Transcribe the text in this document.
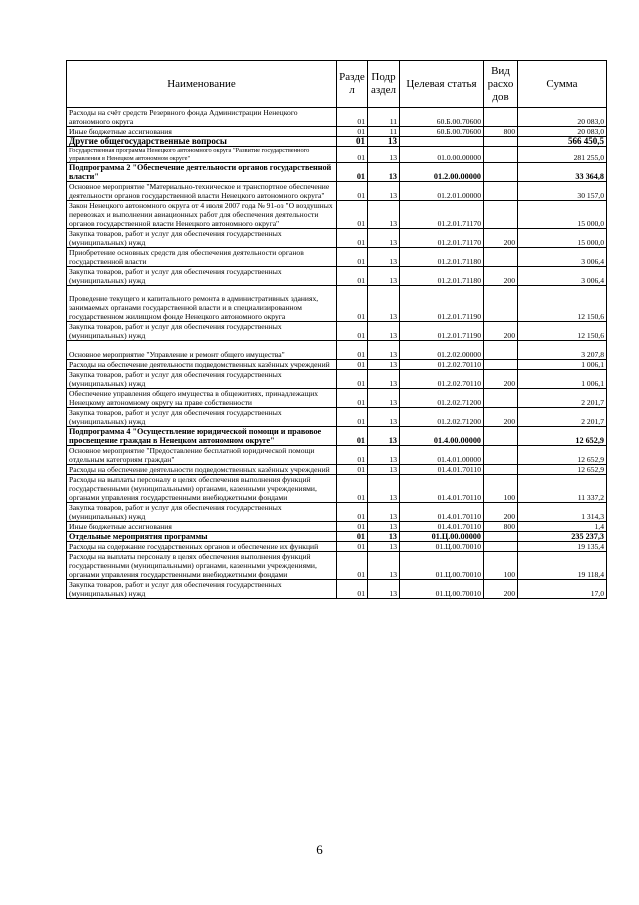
Наименование	Разде л	Подр аздел	Целевая статья	Вид расхо дов	Сумма
Расходы на счёт средств Резервного фонда Администрации Ненецкого автономного округа	01	11	60.Б.00.70600		20 083,0
Иные бюджетные ассигнования	01	11	60.Б.00.70600	800	20 083,0
Другие общегосударственные вопросы	01	13			566 450,5
Государственная программа Ненецкого автономного округа "Развитие государственного управления в Ненецком автономном округе"	01	13	01.0.00.00000		281 255,0
Подпрограмма 2 "Обеспечение деятельности органов государственной власти"	01	13	01.2.00.00000		33 364,8
Основное мероприятие "Материально-техническое и транспортное обеспечение деятельности органов государственной власти Ненецкого автономного округа"	01	13	01.2.01.00000		30 157,0
Закон Ненецкого автономного округа от 4 июля 2007 года № 91-оз "О воздушных перевозках и выполнении авиационных работ для обеспечения деятельности органов государственной власти Ненецкого автономного округа"	01	13	01.2.01.71170		15 000,0
Закупка товаров, работ и услуг для обеспечения государственных (муниципальных) нужд	01	13	01.2.01.71170	200	15 000,0
Приобретение основных средств для обеспечения деятельности органов государственной власти	01	13	01.2.01.71180		3 006,4
Закупка товаров, работ и услуг для обеспечения государственных (муниципальных) нужд	01	13	01.2.01.71180	200	3 006,4
Проведение текущего и капитального ремонта в административных зданиях, занимаемых органами государственной власти и в специализированном государственном жилищном фонде Ненецкого автономного округа	01	13	01.2.01.71190		12 150,6
Закупка товаров, работ и услуг для обеспечения государственных (муниципальных) нужд	01	13	01.2.01.71190	200	12 150,6
Основное мероприятие "Управление и ремонт общего имущества"	01	13	01.2.02.00000		3 207,8
Расходы на обеспечение деятельности подведомственных казённых учреждений	01	13	01.2.02.70110		1 006,1
Закупка товаров, работ и услуг для обеспечения государственных (муниципальных) нужд	01	13	01.2.02.70110	200	1 006,1
Обеспечение управления общего имущества в общежитиях, принадлежащих Ненецкому автономному округу на праве собственности	01	13	01.2.02.71200		2 201,7
Закупка товаров, работ и услуг для обеспечения государственных (муниципальных) нужд	01	13	01.2.02.71200	200	2 201,7
Подпрограмма 4 "Осуществление юридической помощи и правовое просвещение граждан в Ненецком автономном округе"	01	13	01.4.00.00000		12 652,9
Основное мероприятие "Предоставление бесплатной юридической помощи отдельным категориям граждан"	01	13	01.4.01.00000		12 652,9
Расходы на обеспечение деятельности подведомственных казённых учреждений	01	13	01.4.01.70110		12 652,9
Расходы на выплаты персоналу в целях обеспечения выполнения функций государственными (муниципальными) органами, казенными учреждениями, органами управления государственными внебюджетными фондами	01	13	01.4.01.70110	100	11 337,2
Закупка товаров, работ и услуг для обеспечения государственных (муниципальных) нужд	01	13	01.4.01.70110	200	1 314,3
Иные бюджетные ассигнования	01	13	01.4.01.70110	800	1,4
Отдельные мероприятия программы	01	13	01.Ц.00.00000		235 237,3
Расходы на содержание государственных органов и обеспечение их функций	01	13	01.Ц.00.70010		19 135,4
Расходы на выплаты персоналу в целях обеспечения выполнения функций государственными (муниципальными) органами, казенными учреждениями, органами управления государственными внебюджетными фондами	01	13	01.Ц.00.70010	100	19 118,4
Закупка товаров, работ и услуг для обеспечения государственных (муниципальных) нужд	01	13	01.Ц.00.70010	200	17,0
6
